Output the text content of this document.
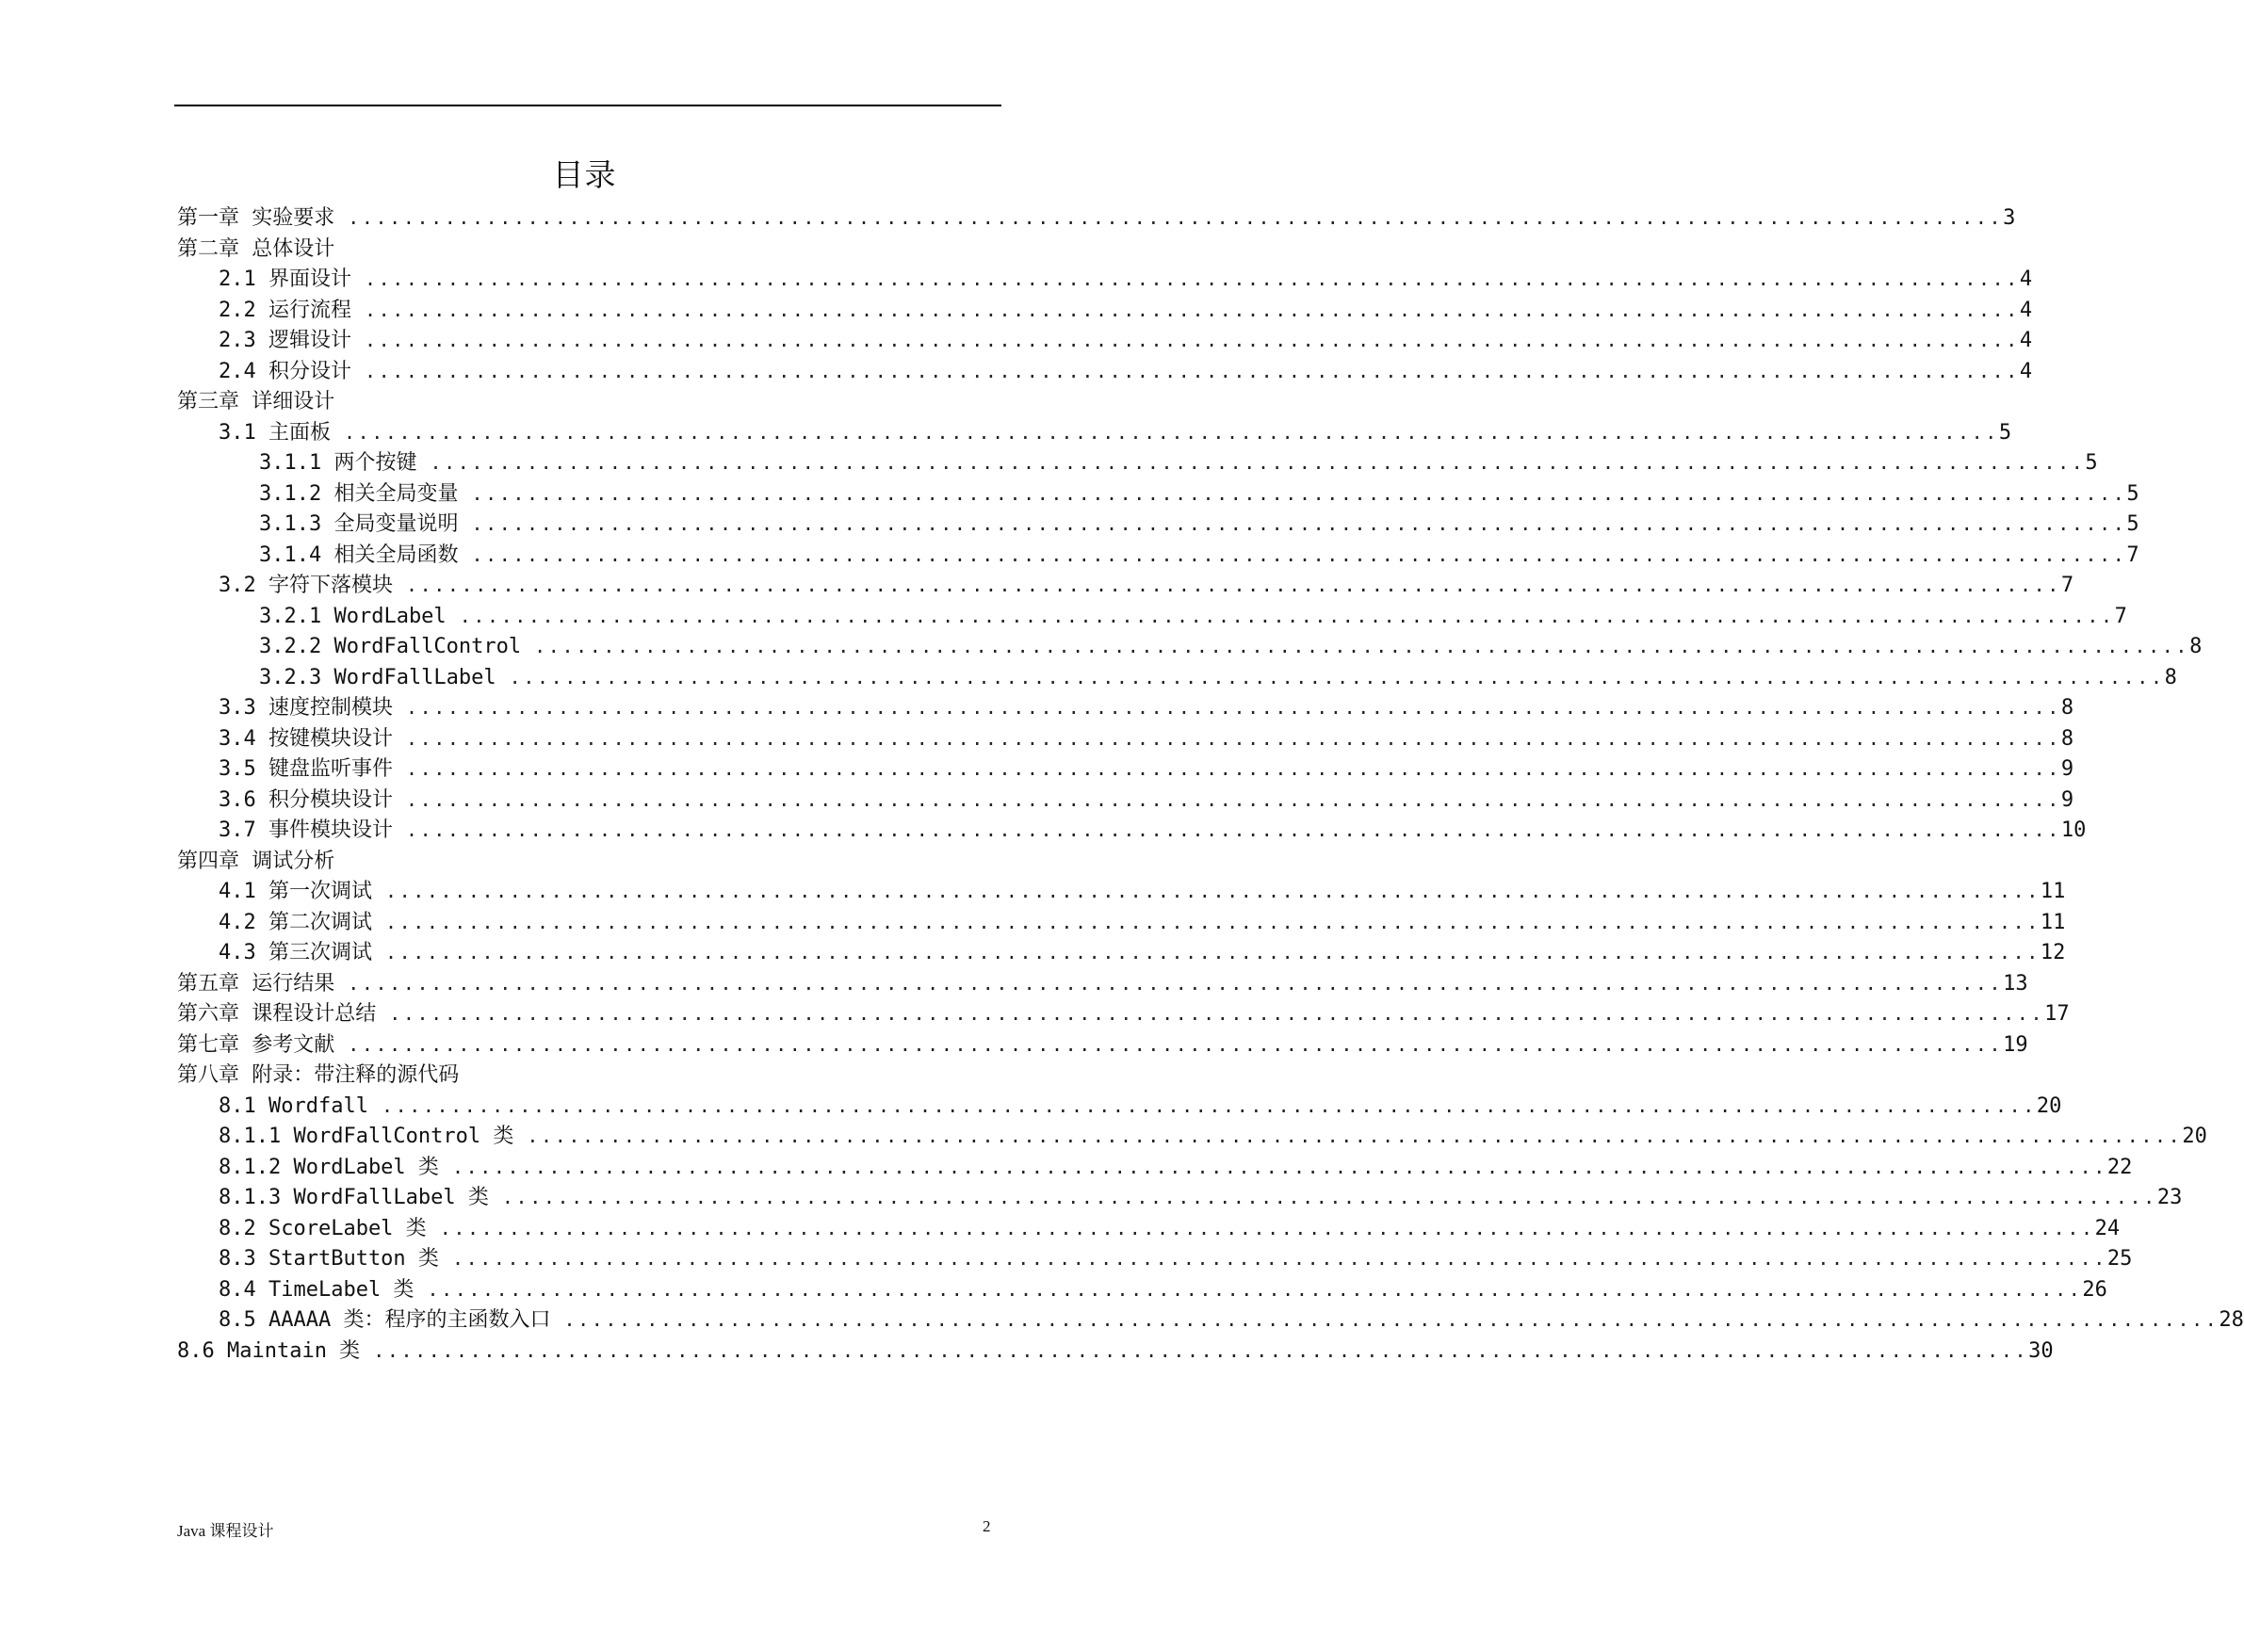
目录
第一章 实验要求 ........................................................................................................................ 3
第二章 总体设计
2.1 界面设计 ........................................................................................................................ 4
2.2 运行流程 ........................................................................................................................ 4
2.3 逻辑设计 ........................................................................................................................ 4
2.4 积分设计 ........................................................................................................................ 4
第三章 详细设计
3.1 主面板 ........................................................................................................................ 5
3.1.1 两个按键 ........................................................................................................................ 5
3.1.2 相关全局变量 ........................................................................................................................ 5
3.1.3 全局变量说明 ........................................................................................................................ 5
3.1.4 相关全局函数 ........................................................................................................................ 7
3.2 字符下落模块 ........................................................................................................................ 7
3.2.1 WordLabel ........................................................................................................................ 7
3.2.2 WordFallControl ........................................................................................................................ 8
3.2.3 WordFallLabel ........................................................................................................................ 8
3.3 速度控制模块 ........................................................................................................................ 8
3.4 按键模块设计 ........................................................................................................................ 8
3.5 键盘监听事件 ........................................................................................................................ 9
3.6 积分模块设计 ........................................................................................................................ 9
3.7 事件模块设计 ........................................................................................................................ 10
第四章 调试分析
4.1 第一次调试 ........................................................................................................................ 11
4.2 第二次调试 ........................................................................................................................ 11
4.3 第三次调试 ........................................................................................................................ 12
第五章 运行结果 ........................................................................................................................ 13
第六章 课程设计总结 ........................................................................................................................ 17
第七章 参考文献 ........................................................................................................................ 19
第八章 附录：带注释的源代码
8.1 Wordfall ........................................................................................................................ 20
8.1.1 WordFallControl 类 ........................................................................................................................ 20
8.1.2 WordLabel 类 ........................................................................................................................ 22
8.1.3 WordFallLabel 类 ........................................................................................................................ 23
8.2 ScoreLabel 类 ........................................................................................................................ 24
8.3 StartButton 类 ........................................................................................................................ 25
8.4 TimeLabel 类 ........................................................................................................................ 26
8.5 AAAAA 类：程序的主函数入口 ........................................................................................................................ 28
8.6 Maintain 类 ........................................................................................................................ 30
Java 课程设计	2
